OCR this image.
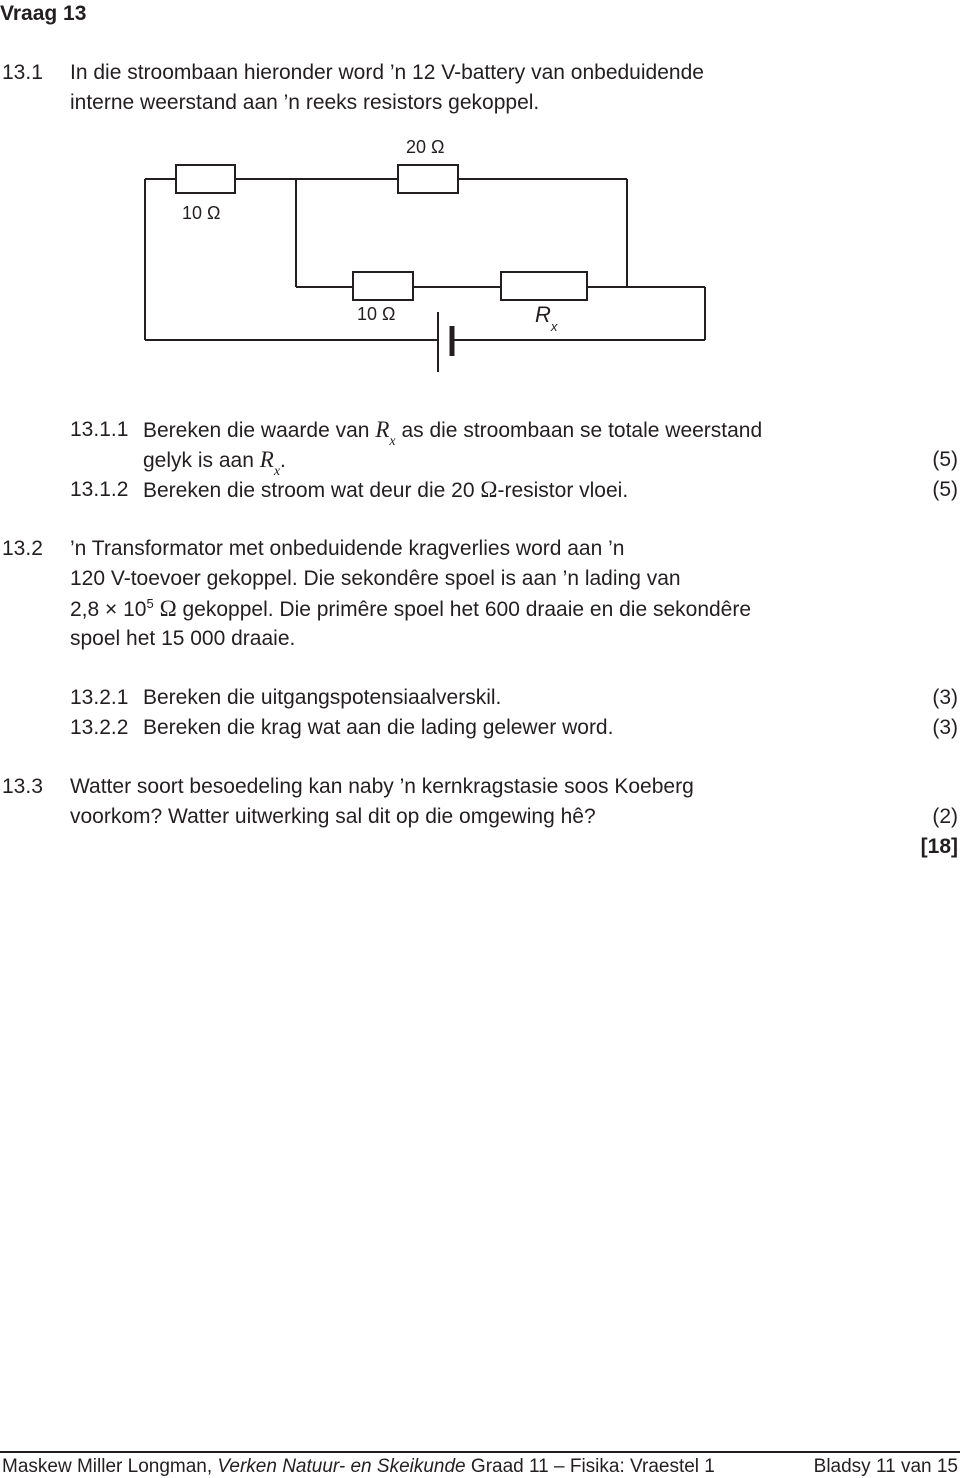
Vraag 13
13.1 In die stroombaan hieronder word ’n 12 V-battery van onbeduidende
interne weerstand aan ’n reeks resistors gekoppel.
20 Ω
10 Ω
10 Ω	$R_x$
13.1.1 Bereken die waarde van $R_x$ as die stroombaan se totale weerstand
gelyk is aan $R_x$.	(5)
13.1.2 Bereken die stroom wat deur die 20 Ω-resistor vloei.	(5)
13.2 ’n Transformator met onbeduidende kragverlies word aan ’n
120 V-toevoer gekoppel. Die sekondêre spoel is aan ’n lading van
$2,8 \times 10^5$ Ω gekoppel. Die primêre spoel het 600 draaie en die sekondêre
spoel het 15 000 draaie.
13.2.1 Bereken die uitgangspotensiaalverskil.	(3)
13.2.2 Bereken die krag wat aan die lading gelewer word.	(3)
13.3 Watter soort besoedeling kan naby ’n kernkragstasie soos Koeberg
voorkom? Watter uitwerking sal dit op die omgewing hê?	(2)
[18]
Maskew Miller Longman, Verken Natuur- en Skeikunde Graad 11 – Fisika: Vraestel 1	Bladsy 11 van 15
